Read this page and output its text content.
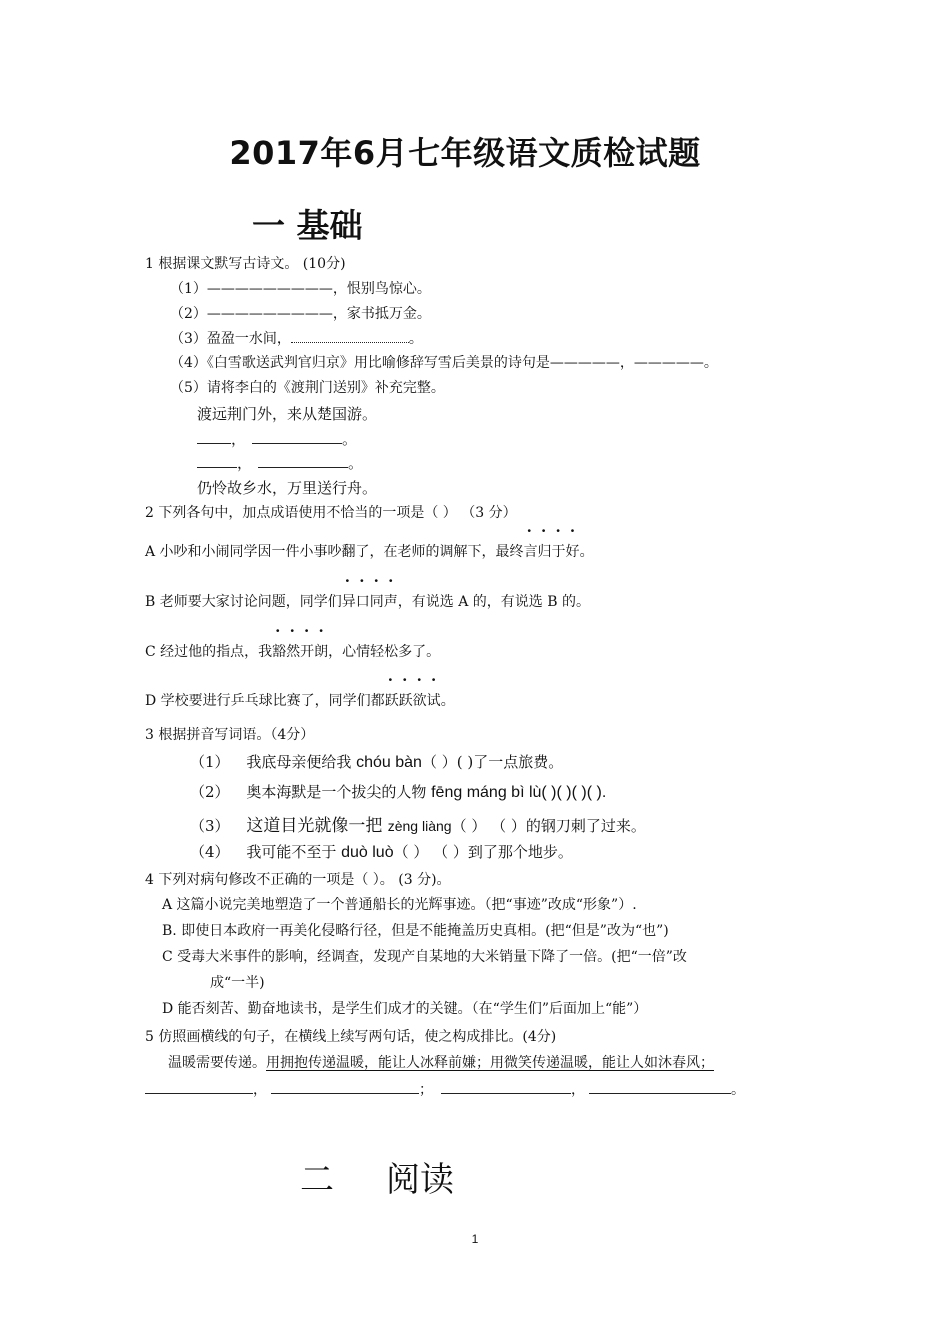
2017年6月七年级语文质检试题
一 基础
1 根据课文默写古诗文。 (10分)
（1）—————————，恨别鸟惊心。
（2）—————————，家书抵万金。
（3）盈盈一水间，	。
（4）《白雪歌送武判官归京》用比喻修辞写雪后美景的诗句是—————，—————。
（5）请将李白的《渡荆门送别》补充完整。
渡远荆门外，来从楚国游。
，	。
，	。
仍怜故乡水，万里送行舟。
2 下列各句中，加点成语使用不恰当的一项是（ ） （3 分）
A 小吵和小闹同学因一件小事吵翻了，在老师的调解下，最终· · · · 言归于好。
B 老师要大家讨论问题，同学们· · · · 异口同声，有说选 A 的，有说选 B 的。
C 经过他的指点，我· · · · 豁然开朗，心情轻松多了。
D 学校要进行乒乓球比赛了，同学们都· · · · 跃跃欲试。
3 根据拼音写词语。（4分）
（1） 我底母亲便给我 chóu bàn（ ）( )了一点旅费。
（2） 奥本海默是一个拔尖的人物 fēng máng bì lù( )( )( )( ).
（3） 这道目光就像一把 zèng liàng（ ） （ ）的钢刀刺了过来。
（4） 我可能不至于 duò luò（ ） （ ）到了那个地步。
4 下列对病句修改不正确的一项是（ ）。 (3 分)。
A 这篇小说完美地塑造了一个普通船长的光辉事迹。（把“事迹”改成“形象”）.
B. 即使日本政府一再美化侵略行径，但是不能掩盖历史真相。(把“但是”改为“也”)
C 受毒大米事件的影响，经调查，发现产自某地的大米销量下降了一倍。(把“一倍”改
成“一半)
D 能否刻苦、勤奋地读书，是学生们成才的关键。（在“学生们”后面加上“能”）
5 仿照画横线的句子，在横线上续写两句话，使之构成排比。(4分)
温暖需要传递。用拥抱传递温暖，能让人冰释前嫌；用微笑传递温暖，能让人如沐春风；
，	；	，	。
二 阅读
1
